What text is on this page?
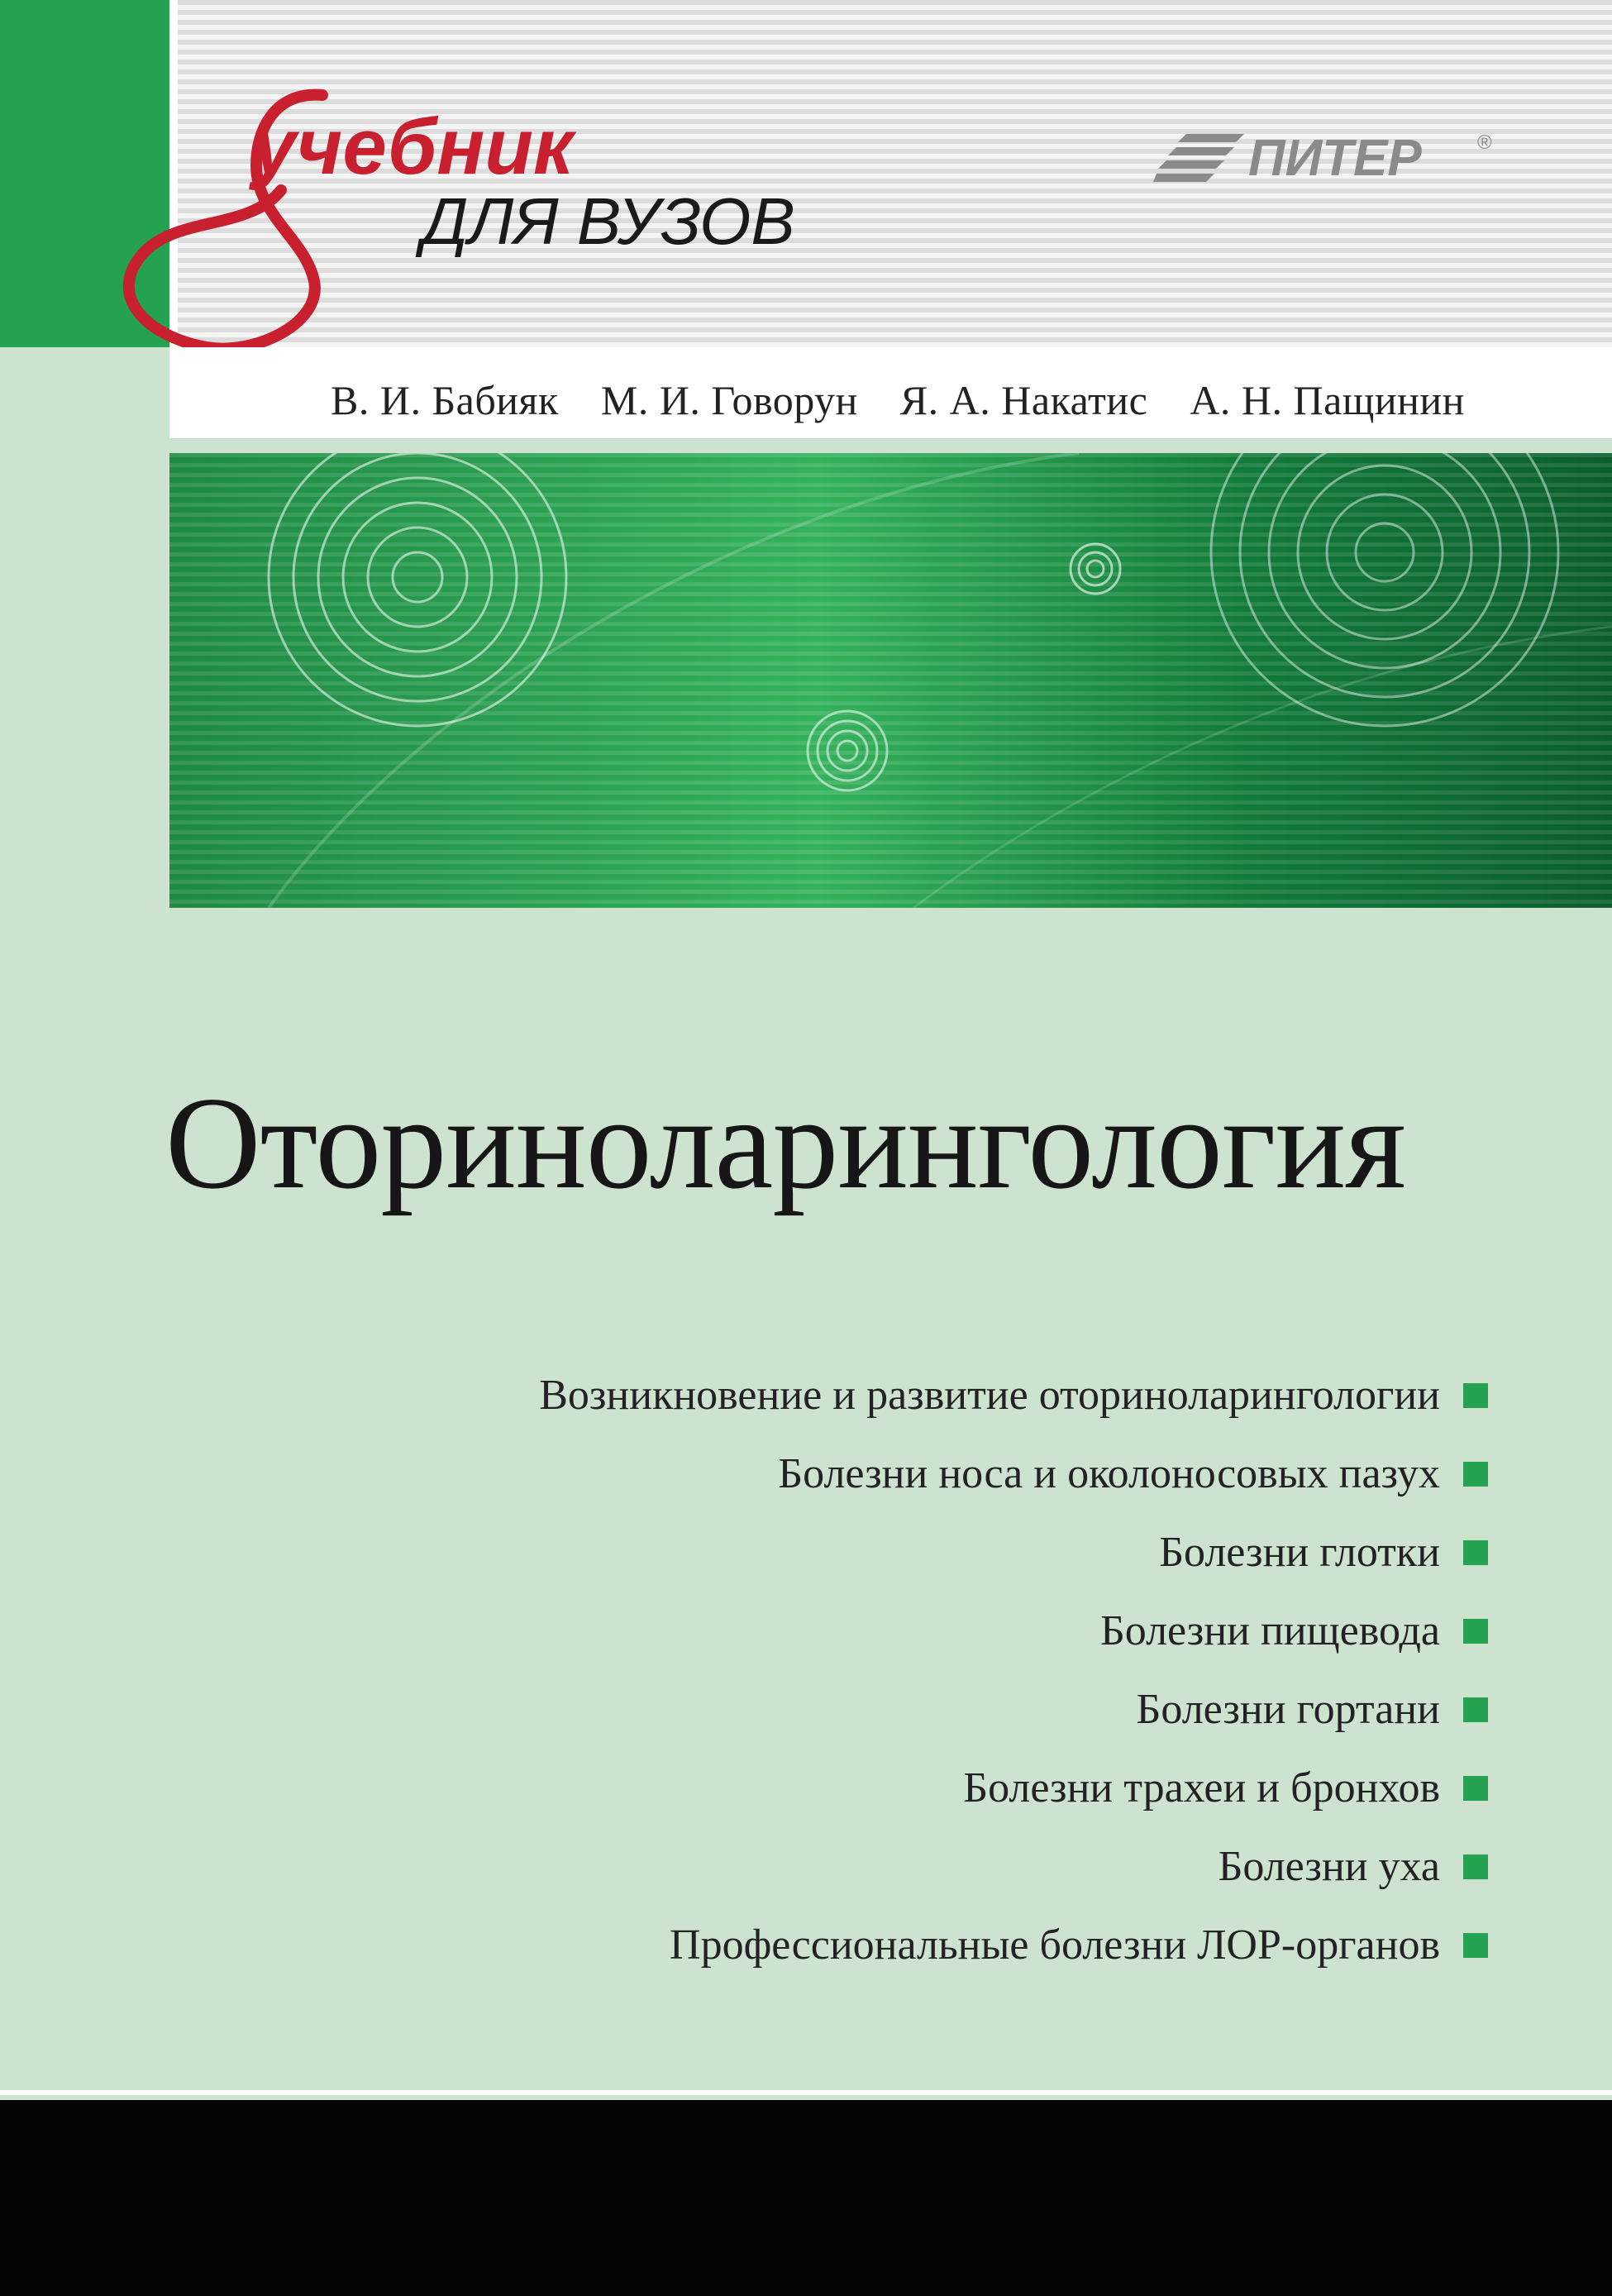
учебник
ДЛЯ ВУЗОВ
ПИТЕР	®
В. И. Бабияк М. И. Говорун Я. А. Накатис А. Н. Пащинин
Оториноларингология
Возникновение и развитие оториноларингологии
Болезни носа и околоносовых пазух
Болезни глотки
Болезни пищевода
Болезни гортани
Болезни трахеи и бронхов
Болезни уха
Профессиональные болезни ЛОР-органов
